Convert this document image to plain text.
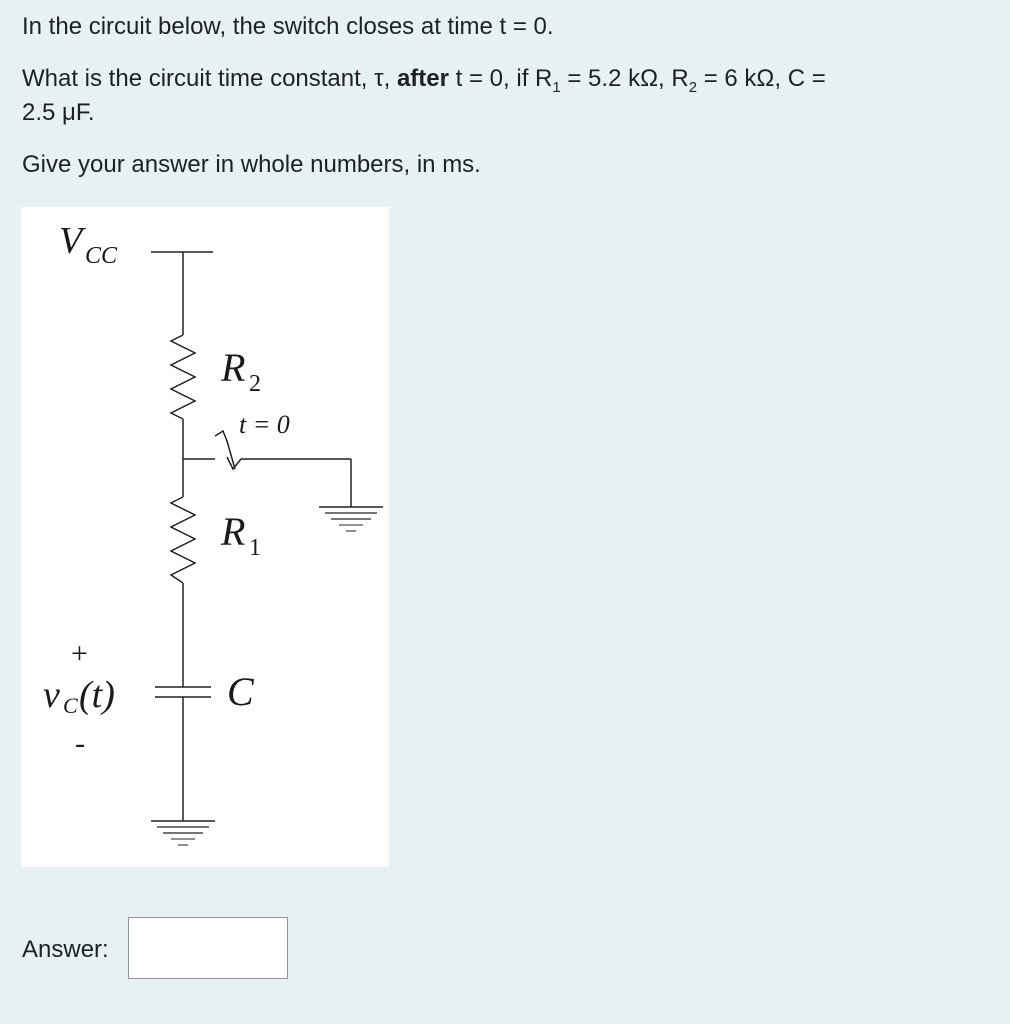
In the circuit below, the switch closes at time t = 0.
What is the circuit time constant, τ, after t = 0, if $R_1 = 5.2$ kΩ, $R_2 = 6$ kΩ, C =
2.5 μF.
Give your answer in whole numbers, in ms.
V CC
R 2
t = 0
R 1
C
+
v C (t)
-
Answer:
